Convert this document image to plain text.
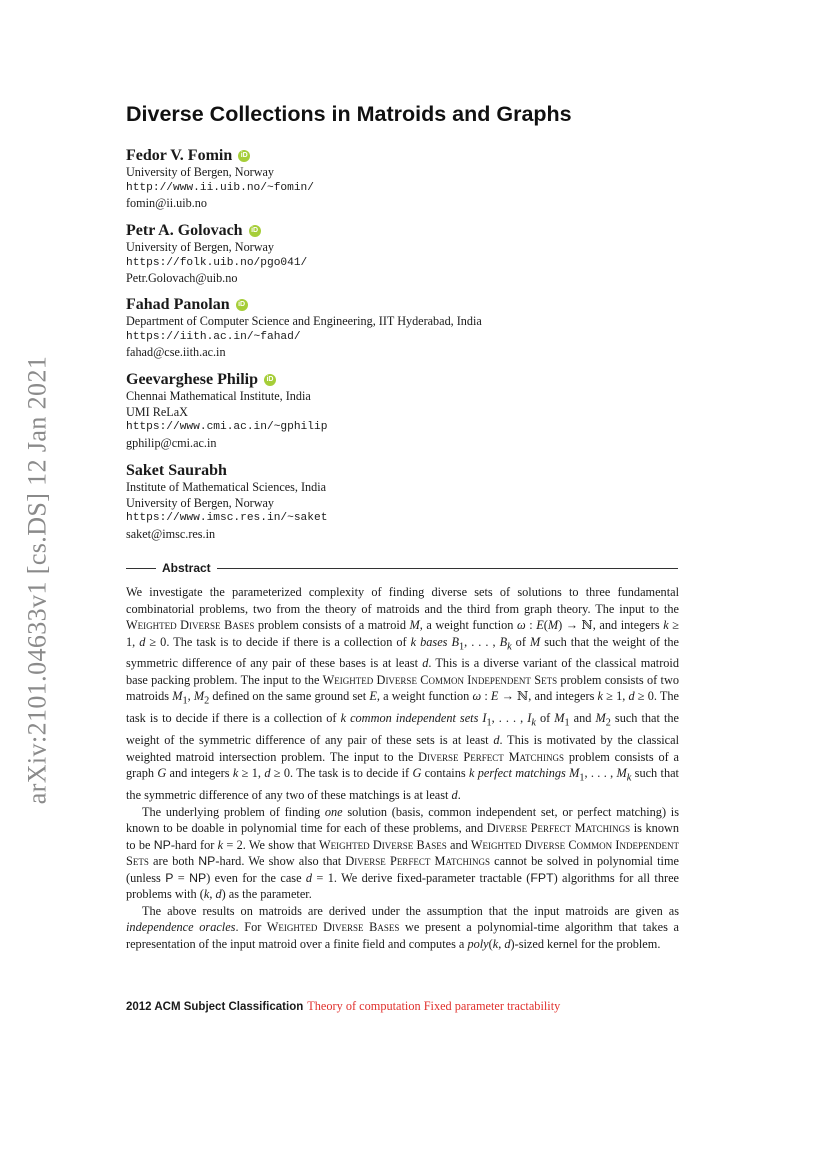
arXiv:2101.04633v1 [cs.DS] 12 Jan 2021
Diverse Collections in Matroids and Graphs
Fedor V. Fomin	iD
University of Bergen, Norway
http://www.ii.uib.no/~fomin/
fomin@ii.uib.no
Petr A. Golovach	iD
University of Bergen, Norway
https://folk.uib.no/pgo041/
Petr.Golovach@uib.no
Fahad Panolan	iD
Department of Computer Science and Engineering, IIT Hyderabad, India
https://iith.ac.in/~fahad/
fahad@cse.iith.ac.in
Geevarghese Philip	iD
Chennai Mathematical Institute, India
UMI ReLaX
https://www.cmi.ac.in/~gphilip
gphilip@cmi.ac.in
Saket Saurabh
Institute of Mathematical Sciences, India
University of Bergen, Norway
https://www.imsc.res.in/~saket
saket@imsc.res.in
Abstract

We investigate the parameterized complexity of finding diverse sets of solutions to three fundamental combinatorial problems, two from the theory of matroids and the third from graph theory. The input to the Weighted Diverse Bases problem consists of a matroid M, a weight function ω : E(M) → ℕ, and integers k ≥ 1, d ≥ 0. The task is to decide if there is a collection of k bases $B_1$, . . . , $B_k$ of M such that the weight of the symmetric difference of any pair of these bases is at least d. This is a diverse variant of the classical matroid base packing problem. The input to the Weighted Diverse Common Independent Sets problem consists of two matroids $M_1$, $M_2$ defined on the same ground set E, a weight function ω : E → ℕ, and integers k ≥ 1, d ≥ 0. The task is to decide if there is a collection of k common independent sets $I_1$, . . . , $I_k$ of $M_1$ and $M_2$ such that the weight of the symmetric difference of any pair of these sets is at least d. This is motivated by the classical weighted matroid intersection problem. The input to the Diverse Perfect Matchings problem consists of a graph G and integers k ≥ 1, d ≥ 0. The task is to decide if G contains k perfect matchings $M_1$, . . . , $M_k$ such that the symmetric difference of any two of these matchings is at least d.

The underlying problem of finding one solution (basis, common independent set, or perfect matching) is known to be doable in polynomial time for each of these problems, and Diverse Perfect Matchings is known to be NP-hard for k = 2. We show that Weighted Diverse Bases and Weighted Diverse Common Independent Sets are both NP-hard. We show also that Diverse Perfect Matchings cannot be solved in polynomial time (unless P = NP) even for the case d = 1. We derive fixed-parameter tractable (FPT) algorithms for all three problems with (k, d) as the parameter.

The above results on matroids are derived under the assumption that the input matroids are given as independence oracles. For Weighted Diverse Bases we present a polynomial-time algorithm that takes a representation of the input matroid over a finite field and computes a poly(k, d)-sized kernel for the problem.

2012 ACM Subject Classification Theory of computation Fixed parameter tractability
